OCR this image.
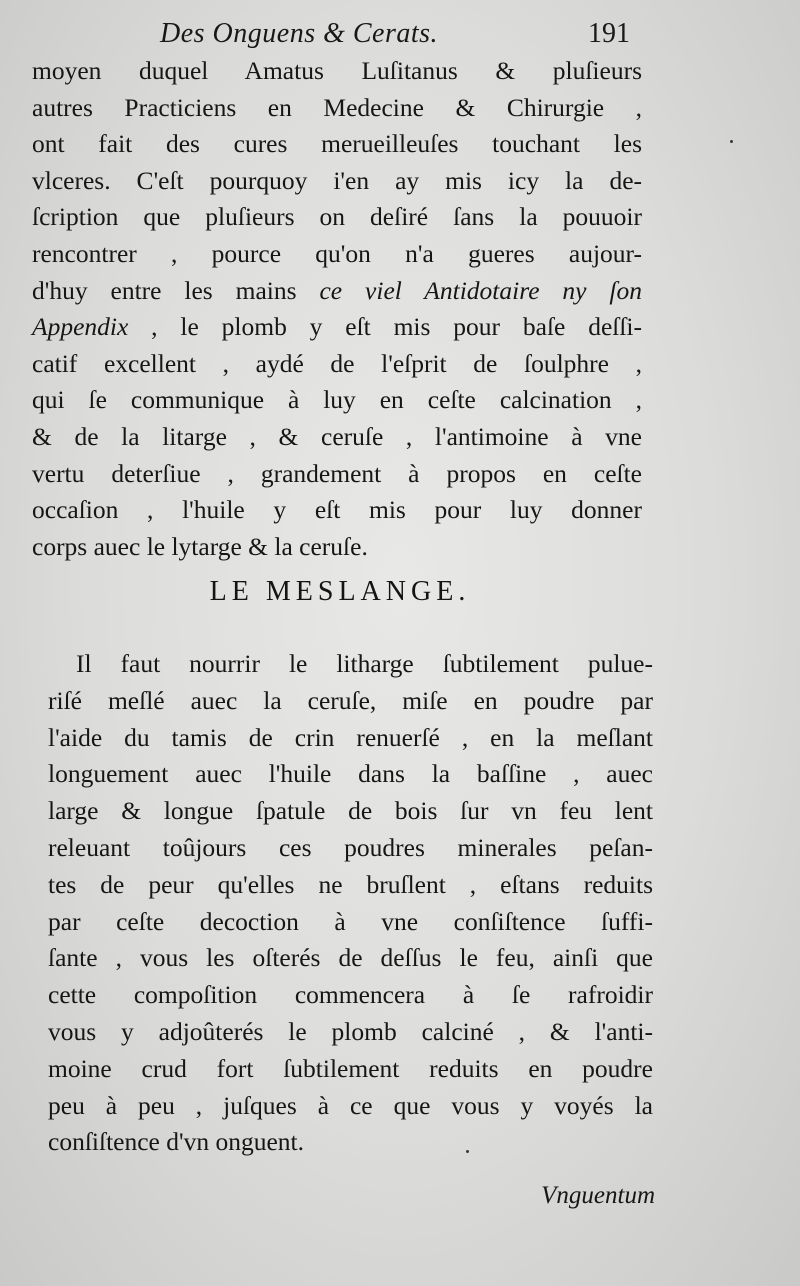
Des Onguens & Cerats.	191
moyen duquel Amatus Luſitanus & pluſieurs
autres Practiciens en Medecine & Chirurgie ,
ont fait des cures merueilleuſes touchant les
vlceres. C'eſt pourquoy i'en ay mis icy la de-
ſcription que pluſieurs on deſiré ſans la pouuoir
rencontrer , pource qu'on n'a gueres aujour-
d'huy entre les mains ce viel Antidotaire ny ſon
Appendix , le plomb y eſt mis pour baſe deſſi-
catif excellent , aydé de l'eſprit de ſoulphre ,
qui ſe communique à luy en ceſte calcination ,
& de la litarge , & ceruſe , l'antimoine à vne
vertu deterſiue , grandement à propos en ceſte
occaſion , l'huile y eſt mis pour luy donner
corps auec le lytarge & la ceruſe.
LE MESLANGE.
Il faut nourrir le litharge ſubtilement pulue-
riſé meſlé auec la ceruſe, miſe en poudre par
l'aide du tamis de crin renuerſé , en la meſlant
longuement auec l'huile dans la baſſine , auec
large & longue ſpatule de bois ſur vn feu lent
releuant toûjours ces poudres minerales peſan-
tes de peur qu'elles ne bruſlent , eſtans reduits
par ceſte decoction à vne conſiſtence ſuffi-
ſante , vous les oſterés de deſſus le feu, ainſi que
cette compoſition commencera à ſe rafroidir
vous y adjoûterés le plomb calciné , & l'anti-
moine crud fort ſubtilement reduits en poudre
peu à peu , juſques à ce que vous y voyés la
conſiſtence d'vn onguent.
Vnguentum
